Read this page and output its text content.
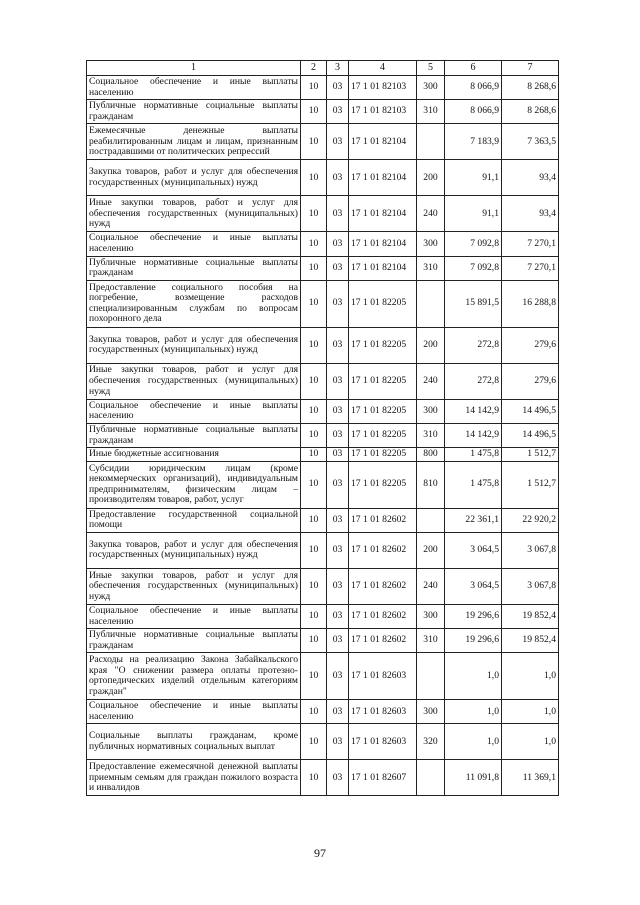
1	2	3	4	5	6	7
Социальное обеспечение и иные выплаты населению	10	03	17 1 01 82103	300	8 066,9	8 268,6
Публичные нормативные социальные выплаты гражданам	10	03	17 1 01 82103	310	8 066,9	8 268,6
Ежемесячные денежные выплаты реабилитированным лицам и лицам, признанным пострадавшими от политических репрессий	10	03	17 1 01 82104		7 183,9	7 363,5
Закупка товаров, работ и услуг для обеспечения государственных (муниципальных) нужд	10	03	17 1 01 82104	200	91,1	93,4
Иные закупки товаров, работ и услуг для обеспечения государственных (муниципальных) нужд	10	03	17 1 01 82104	240	91,1	93,4
Социальное обеспечение и иные выплаты населению	10	03	17 1 01 82104	300	7 092,8	7 270,1
Публичные нормативные социальные выплаты гражданам	10	03	17 1 01 82104	310	7 092,8	7 270,1
Предоставление социального пособия на погребение, возмещение расходов специализированным службам по вопросам похоронного дела	10	03	17 1 01 82205		15 891,5	16 288,8
Закупка товаров, работ и услуг для обеспечения государственных (муниципальных) нужд	10	03	17 1 01 82205	200	272,8	279,6
Иные закупки товаров, работ и услуг для обеспечения государственных (муниципальных) нужд	10	03	17 1 01 82205	240	272,8	279,6
Социальное обеспечение и иные выплаты населению	10	03	17 1 01 82205	300	14 142,9	14 496,5
Публичные нормативные социальные выплаты гражданам	10	03	17 1 01 82205	310	14 142,9	14 496,5
Иные бюджетные ассигнования	10	03	17 1 01 82205	800	1 475,8	1 512,7
Субсидии юридическим лицам (кроме некоммерческих организаций), индивидуальным предпринимателям, физическим лицам – производителям товаров, работ, услуг	10	03	17 1 01 82205	810	1 475,8	1 512,7
Предоставление государственной социальной помощи	10	03	17 1 01 82602		22 361,1	22 920,2
Закупка товаров, работ и услуг для обеспечения государственных (муниципальных) нужд	10	03	17 1 01 82602	200	3 064,5	3 067,8
Иные закупки товаров, работ и услуг для обеспечения государственных (муниципальных) нужд	10	03	17 1 01 82602	240	3 064,5	3 067,8
Социальное обеспечение и иные выплаты населению	10	03	17 1 01 82602	300	19 296,6	19 852,4
Публичные нормативные социальные выплаты гражданам	10	03	17 1 01 82602	310	19 296,6	19 852,4
Расходы на реализацию Закона Забайкальского края "О снижении размера оплаты протезно-ортопедических изделий отдельным категориям граждан"	10	03	17 1 01 82603		1,0	1,0
Социальное обеспечение и иные выплаты населению	10	03	17 1 01 82603	300	1,0	1,0
Социальные выплаты гражданам, кроме публичных нормативных социальных выплат	10	03	17 1 01 82603	320	1,0	1,0
Предоставление ежемесячной денежной выплаты приемным семьям для граждан пожилого возраста и инвалидов	10	03	17 1 01 82607		11 091,8	11 369,1
97
